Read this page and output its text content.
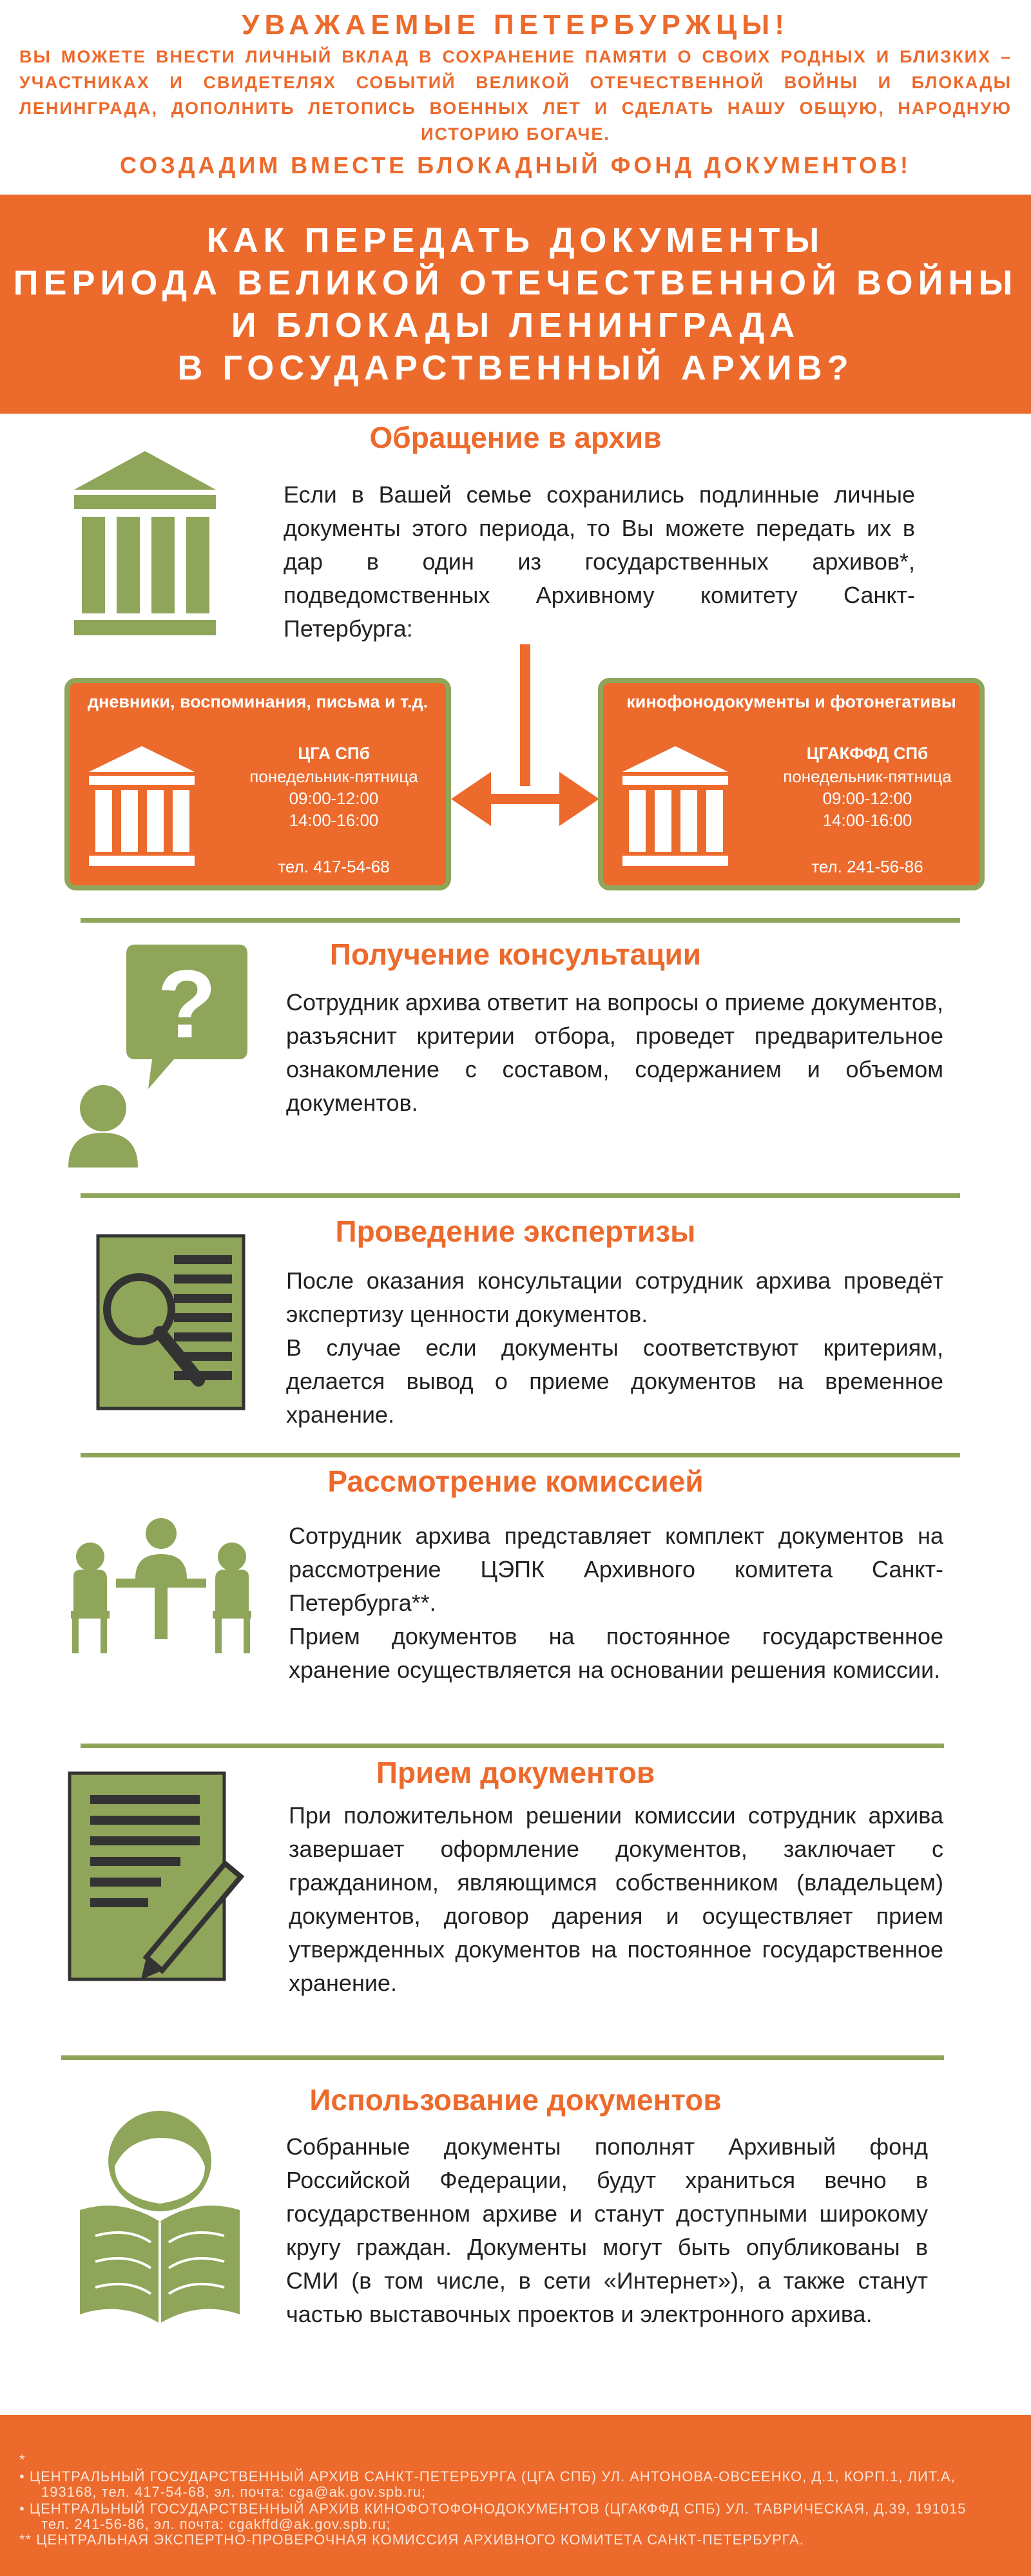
УВАЖАЕМЫЕ ПЕТЕРБУРЖЦЫ!
ВЫ МОЖЕТЕ ВНЕСТИ ЛИЧНЫЙ ВКЛАД В СОХРАНЕНИЕ ПАМЯТИ О СВОИХ РОДНЫХ И БЛИЗКИХ – УЧАСТНИКАХ И СВИДЕТЕЛЯХ СОБЫТИЙ ВЕЛИКОЙ ОТЕЧЕСТВЕННОЙ ВОЙНЫ И БЛОКАДЫ ЛЕНИНГРАДА, ДОПОЛНИТЬ ЛЕТОПИСЬ ВОЕННЫХ ЛЕТ И СДЕЛАТЬ НАШУ ОБЩУЮ, НАРОДНУЮ ИСТОРИЮ БОГАЧЕ.
СОЗДАДИМ ВМЕСТЕ БЛОКАДНЫЙ ФОНД ДОКУМЕНТОВ!
КАК ПЕРЕДАТЬ ДОКУМЕНТЫ
ПЕРИОДА ВЕЛИКОЙ ОТЕЧЕСТВЕННОЙ ВОЙНЫ
И БЛОКАДЫ ЛЕНИНГРАДА
В ГОСУДАРСТВЕННЫЙ АРХИВ?
Обращение в архив
Если в Вашей семье сохранились подлинные личные документы этого периода, то Вы можете передать их в дар в один из государственных архивов*, подведомственных Архивному комитету Санкт-Петербурга:
дневники, воспоминания, письма и т.д.
ЦГА СПб
понедельник-пятница
09:00-12:00
14:00-16:00
тел. 417-54-68
кинофонодокументы и фотонегативы
ЦГАКФФД СПб
понедельник-пятница
09:00-12:00
14:00-16:00
тел. 241-56-86
Получение консультации
?	Сотрудник архива ответит на вопросы о приеме документов, разъяснит критерии отбора, проведет предварительное ознакомление с составом, содержанием и объемом документов.
Проведение экспертизы

После оказания консультации сотрудник архива проведёт экспертизу ценности документов.

В случае если документы соответствуют критериям, делается вывод о приеме документов на временное хранение.

Рассмотрение комиссией

Сотрудник архива представляет комплект документов на рассмотрение ЦЭПК Архивного комитета Санкт-Петербурга**.

Прием документов на постоянное государственное хранение осуществляется на основании решения комиссии.

Прием документов
При положительном решении комиссии сотрудник архива завершает оформление документов, заключает с гражданином, являющимся собственником (владельцем) документов, договор дарения и осуществляет прием утвержденных документов на постоянное государственное хранение.
Использование документов
Собранные документы пополнят Архивный фонд Российской Федерации, будут храниться вечно в государственном архиве и станут доступными широкому кругу граждан. Документы могут быть опубликованы в СМИ (в том числе, в сети «Интернет»), а также станут частью выставочных проектов и электронного архива.
*
• ЦЕНТРАЛЬНЫЙ ГОСУДАРСТВЕННЫЙ АРХИВ САНКТ-ПЕТЕРБУРГА (ЦГА СПБ) УЛ. АНТОНОВА-ОВСЕЕНКО, Д.1, КОРП.1, ЛИТ.А,
193168, тел. 417-54-68, эл. почта: cga@ak.gov.spb.ru;
• ЦЕНТРАЛЬНЫЙ ГОСУДАРСТВЕННЫЙ АРХИВ КИНОФОТОФОНОДОКУМЕНТОВ (ЦГАКФФД СПБ) УЛ. ТАВРИЧЕСКАЯ, Д.39, 191015
тел. 241-56-86, эл. почта: cgakffd@ak.gov.spb.ru;
** ЦЕНТРАЛЬНАЯ ЭКСПЕРТНО-ПРОВЕРОЧНАЯ КОМИССИЯ АРХИВНОГО КОМИТЕТА САНКТ-ПЕТЕРБУРГА.
